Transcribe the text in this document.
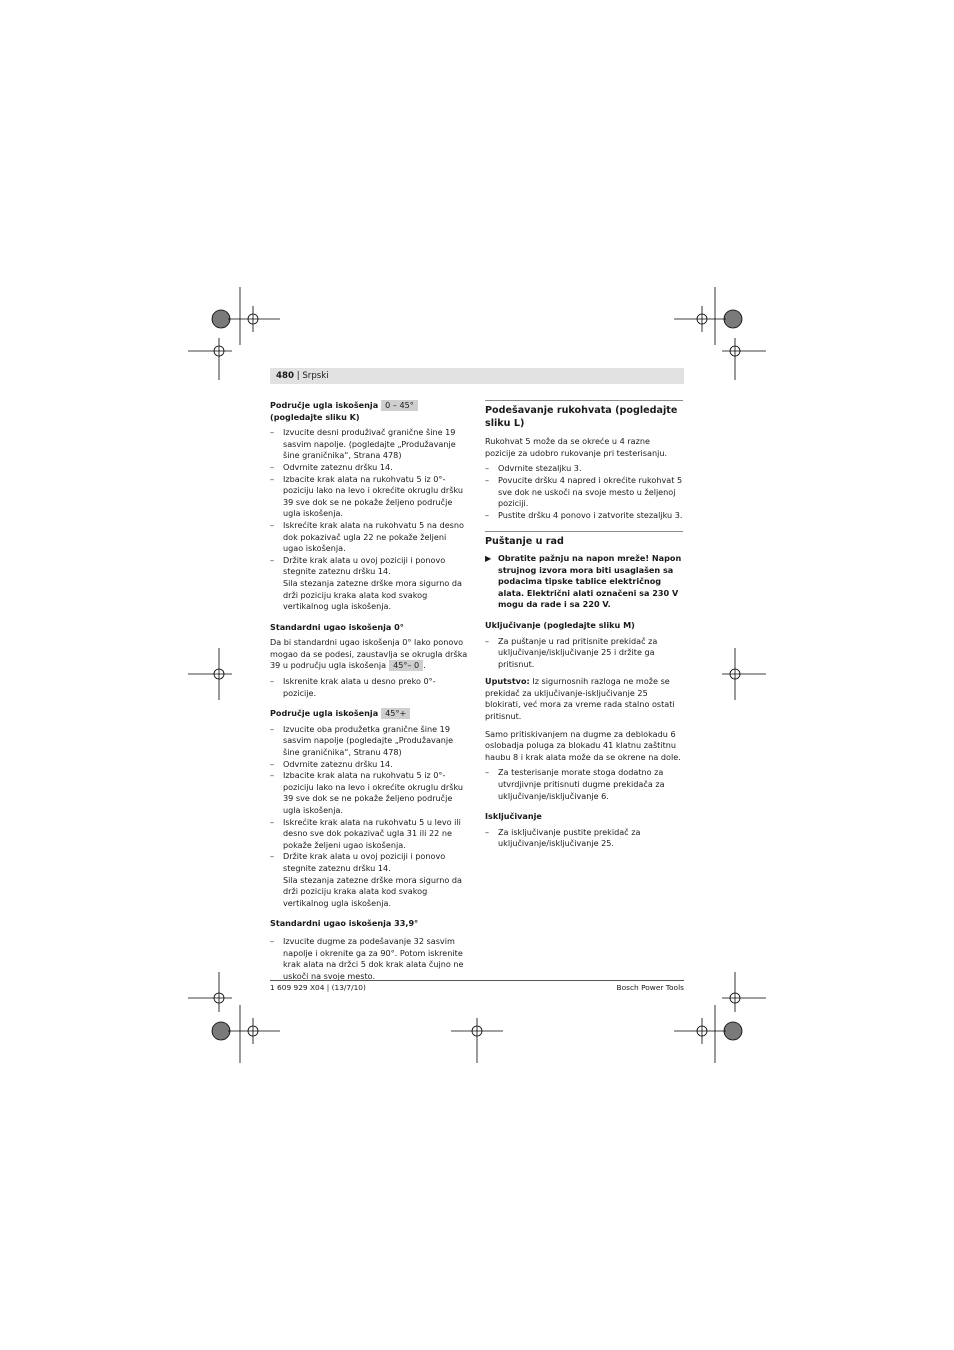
480 | Srpski

Područje ugla iskošenja 0 – 45°

(pogledajte sliku K)

– Izvucite desni produživač granične šine 19 sasvim napolje. (pogledajte „Produžavanje šine graničnika“, Strana 478)
– Odvrnite zateznu dršku 14.
– Izbacite krak alata na rukohvatu 5 iz 0°-poziciju lako na levo i okrećite okruglu dršku 39 sve dok se ne pokaže željeno područje ugla iskošenja.
– Iskrećite krak alata na rukohvatu 5 na desno dok pokazivač ugla 22 ne pokaže željeni ugao iskošenja.
– Držite krak alata u ovoj poziciji i ponovo stegnite zateznu dršku 14.

Sila stezanja zatezne drške mora sigurno da drži poziciju kraka alata kod svakog vertikalnog ugla iskošenja.

Standardni ugao iskošenja 0°

Da bi standardni ugao iskošenja 0° lako ponovo mogao da se podesi, zaustavlja se okrugla drška 39 u području ugla iskošenja 45°– 0 .

– Iskrenite krak alata u desno preko 0°-pozicije.

Područje ugla iskošenja 45°+

– Izvucite oba produžetka granične šine 19 sasvim napolje (pogledajte „Produžavanje šine graničnika“, Stranu 478)
– Odvrnite zateznu dršku 14.
– Izbacite krak alata na rukohvatu 5 iz 0°-poziciju lako na levo i okrećite okruglu dršku 39 sve dok se ne pokaže željeno područje ugla iskošenja.
– Iskrećite krak alata na rukohvatu 5 u levo ili desno sve dok pokazivač ugla 31 ili 22 ne pokaže željeni ugao iskošenja.
– Držite krak alata u ovoj poziciji i ponovo stegnite zateznu dršku 14.

Sila stezanja zatezne drške mora sigurno da drži poziciju kraka alata kod svakog vertikalnog ugla iskošenja.

Standardni ugao iskošenja 33,9°

– Izvucite dugme za podešavanje 32 sasvim napolje i okrenite ga za 90°. Potom iskrenite krak alata na držci 5 dok krak alata čujno ne uskoči na svoje mesto.

Podešavanje rukohvata (pogledajte sliku L)

Rukohvat 5 može da se okreće u 4 razne pozicije za udobro rukovanje pri testerisanju.

– Odvrnite stezaljku 3.
– Povucite dršku 4 napred i okrećite rukohvat 5 sve dok ne uskoči na svoje mesto u željenoj poziciji.
– Pustite dršku 4 ponovo i zatvorite stezaljku 3.

Puštanje u rad

▶ Obratite pažnju na napon mreže! Napon strujnog izvora mora biti usaglašen sa podacima tipske tablice električnog alata. Električni alati označeni sa 230 V mogu da rade i sa 220 V.

Uključivanje (pogledajte sliku M)

– Za puštanje u rad pritisnite prekidač za uključivanje/isključivanje 25 i držite ga pritisnut.

Uputstvo: Iz sigurnosnih razloga ne može se prekidač za uključivanje-isključivanje 25 blokirati, već mora za vreme rada stalno ostati pritisnut.

Samo pritiskivanjem na dugme za deblokadu 6 oslobadja poluga za blokadu 41 klatnu zaštitnu haubu 8 i krak alata može da se okrene na dole.

– Za testerisanje morate stoga dodatno za utvrdjivnje pritisnuti dugme prekidača za uključivanje/isključivanje 6.

Isključivanje

– Za isključivanje pustite prekidač za uključivanje/isključivanje 25.
1 609 929 X04 | (13/7/10)	Bosch Power Tools
